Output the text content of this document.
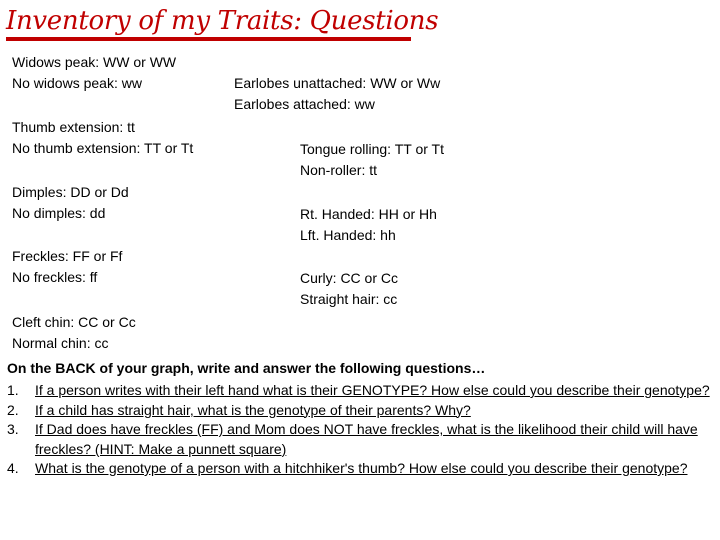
Inventory of my Traits: Questions
Widows peak: WW or WW
No widows peak: ww	Earlobes unattached: WW or Ww
Earlobes attached: ww
Thumb extension: tt
No thumb extension: TT or Tt	Tongue rolling: TT or Tt
Non-roller: tt
Dimples: DD or Dd
No dimples: dd	Rt. Handed: HH or Hh
Lft. Handed: hh
Freckles: FF or Ff
No freckles: ff	Curly: CC or Cc
Straight hair: cc
Cleft chin: CC or Cc
Normal chin: cc
On the BACK of your graph, write and answer the following questions…
1. If a person writes with their left hand what is their GENOTYPE? How else could you describe their genotype?
2. If a child has straight hair, what is the genotype of their parents? Why?
3. If Dad does have freckles (FF) and Mom does NOT have freckles, what is the likelihood their child will have freckles? (HINT: Make a punnett square)
4. What is the genotype of a person with a hitchhiker's thumb? How else could you describe their genotype?
